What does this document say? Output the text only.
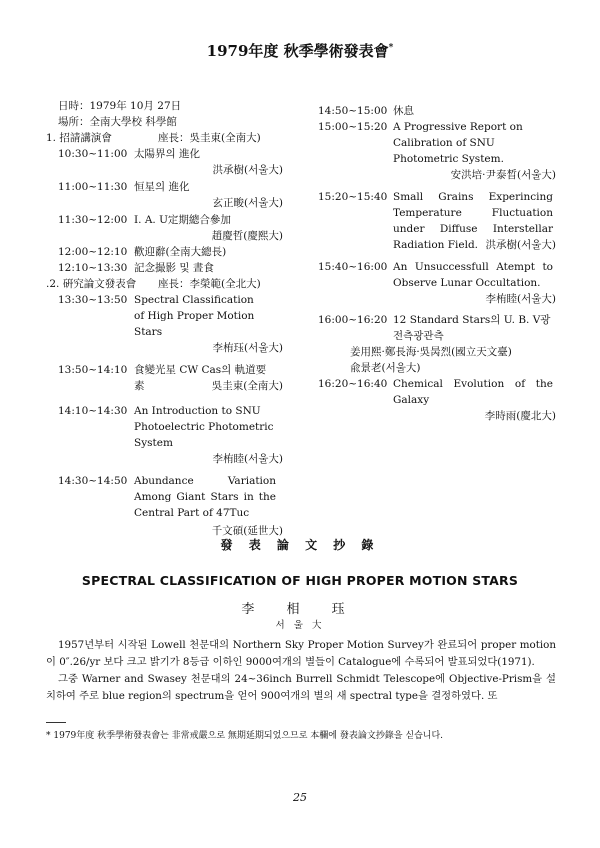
1979年度 秋季學術發表會*
日時：1979年 10月 27日
場所：全南大學校 科學館
1. 招請講演會	座長：吳圭東(全南大)
10:30~11:00 太陽界의 進化
洪承樹(서울大)
11:00~11:30 恒星의 進化
玄正畯(서울大)
11:30~12:00 I. A. U定期總合參加
趙慶哲(慶熙大)
12:00~12:10 歡迎辭(全南大總長)
12:10~13:30 記念撮影 및 晝食
.2. 硏究論文發表會 座長：李榮範(全北大)
13:30~13:50 Spectral Classification of High Proper Motion Stars
李栯珏(서울大)
13:50~14:10 食變光星 CW Cas의 軌道要素	吳圭東(全南大)
14:10~14:30 An Introduction to SNU Photoelectric Photometric System
李栯睦(서울大)
14:30~14:50 Abundance Variation Among Giant Stars in the Central Part of 47Tuc
千文碩(延世大)
14:50~15:00 休息
15:00~15:20 A Progressive Report on Calibration of SNU Photometric System.
安洪培·尹泰晳(서울大)
15:20~15:40 Small Grains Experincing Temperature Fluctuation under Diffuse Interstellar Radiation Field. 洪承樹(서울大)
15:40~16:00 An Unsuccessfull Atempt to Observe Lunar Occultation.
李栯睦(서울大)
16:00~16:20 12 Standard Stars의 U. B. V광전측광관측
姜用熙·鄭長海·吳昺烈(國立天文臺)
兪景老(서울大)
16:20~16:40 Chemical Evolution of the Galaxy
李時雨(慶北大)
發 表 論 文 抄 錄
SPECTRAL CLASSIFICATION OF HIGH PROPER MOTION STARS
李 相 珏
서 울 大

1957년부터 시작된 Lowell 천문대의 Northern Sky Proper Motion Survey가 완료되어 proper motion이 0″.26/yr 보다 크고 밝기가 8등급 이하인 9000여개의 별들이 Catalogue에 수록되어 발표되었다(1971).

그중 Warner and Swasey 천문대의 24~36inch Burrell Schmidt Telescope에 Objective-Prism을 설치하여 주로 blue region의 spectrum을 얻어 900여개의 별의 새 spectral type을 결정하였다. 또

* 1979年度 秋季學術發表會는 非常戒嚴으로 無期延期되었으므로 本欄에 發表論文抄錄을 싣습니다.
25
